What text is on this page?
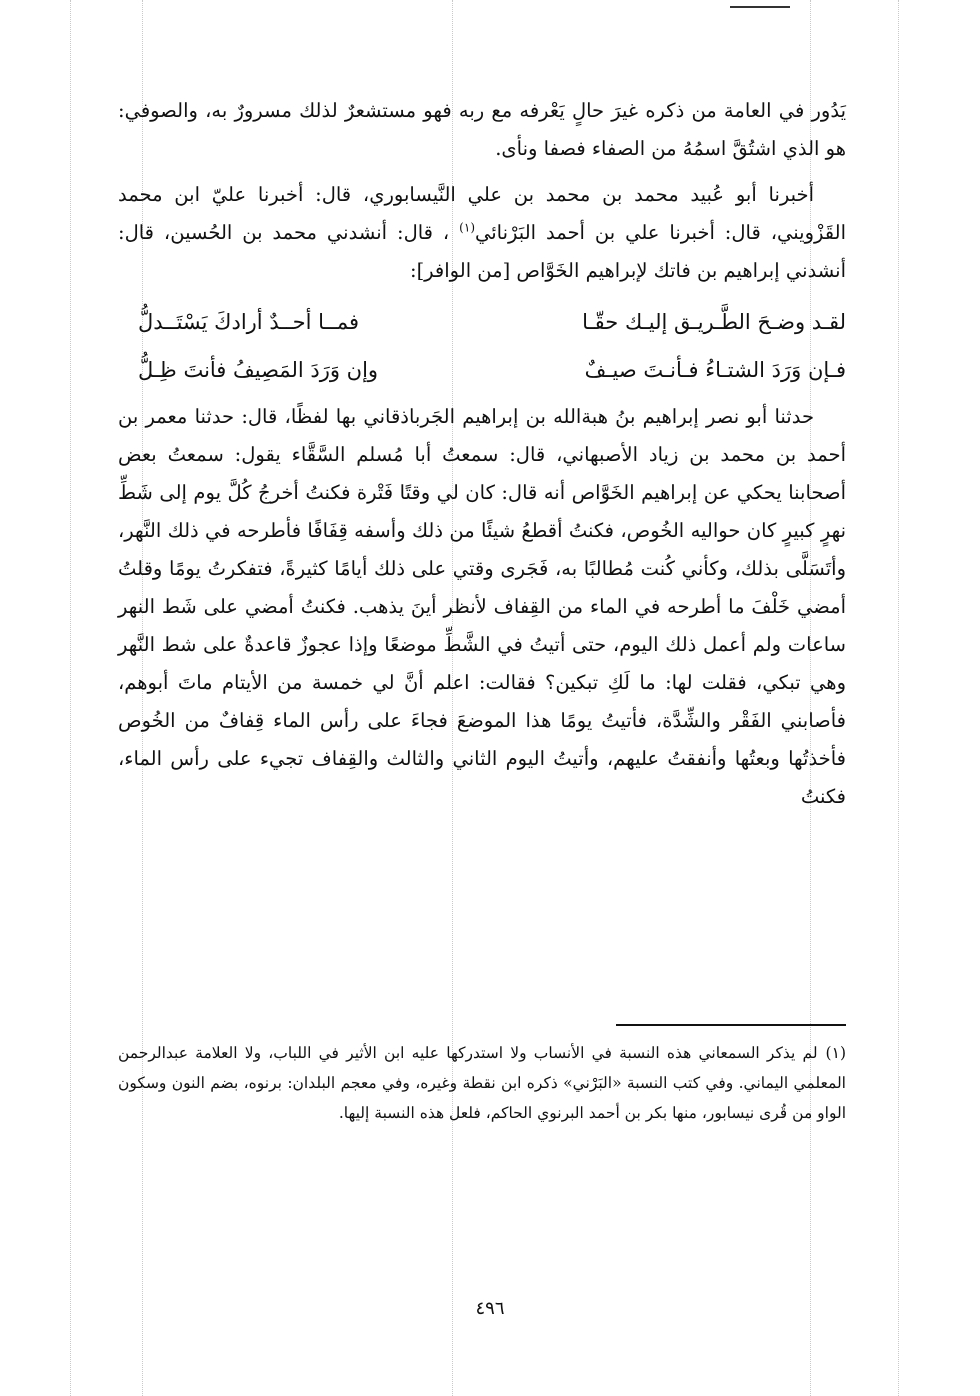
يَدُور في العامة من ذكره غيرَ حالٍ يَعْرفه مع ربه فهو مستشعرٌ لذلك مسرورٌ به، والصوفي: هو الذي اشتُقَّ اسمُهُ من الصفاء فصفا ونأى.

أخبرنا أبو عُبيد محمد بن محمد بن علي النَّيسابوري، قال: أخبرنا عليّ ابن محمد القَزْويني، قال: أخبرنا علي بن أحمد البَرْنائي$^{(١)}$ ، قال: أنشدني محمد بن الحُسين، قال: أنشدني إبراهيم بن فاتك لإبراهيم الخَوَّاص [من الوافر]:

لقـد وضـحَ الطَّـريـق إليـك حقّـا
فمــا أحــدٌ أرادكَ يَسْتَــدلُّ
فـإن وَرَدَ الشتـاءُ فـأنـتَ صيـفٌ
وإن وَرَدَ المَصِيفُ فأنتَ ظِـلُّ

حدثنا أبو نصر إبراهيم بنُ هبةالله بن إبراهيم الجَرباذقاني بها لفظًا، قال: حدثنا معمر بن أحمد بن محمد بن زياد الأصبهاني، قال: سمعتُ أبا مُسلم السَّقَّاء يقول: سمعتُ بعض أصحابنا يحكي عن إبراهيم الخَوَّاص أنه قال: كان لي وقتًا فَتْرة فكنتُ أخرجُ كُلَّ يوم إلى شَطِّ نهرٍ كبيرٍ كان حواليه الخُوص، فكنتُ أقطعُ شيئًا من ذلك وأسفه قِفَافًا فأطرحه في ذلك النَّهر، وأتَسَلَّى بذلك، وكأني كُنت مُطالبًا به، فَجَرى وقتي على ذلك أيامًا كثيرةً، فتفكرتُ يومًا وقلتُ أمضي خَلْفَ ما أطرحه في الماء من القِفاف لأنظر أينَ يذهب. فكنتُ أمضي على شَط النهر ساعات ولم أعمل ذلك اليوم، حتى أتيتُ في الشَّطِّ موضعًا وإذا عجوزٌ قاعدةٌ على شط النَّهر وهي تبكي، فقلت لها: ما لَكِ تبكين؟ فقالت: اعلم أنَّ لي خمسة من الأيتام ماتَ أبوهم، فأصابني الفَقْر والشِّدَّة، فأتيتُ يومًا هذا الموضعَ فجاءَ على رأس الماء قِفافٌ من الخُوص فأخذتُها وبعتُها وأنفقتُ عليهم، وأتيتُ اليوم الثاني والثالث والقِفاف تجيء على رأس الماء، فكنتُ

(١)لم يذكر السمعاني هذه النسبة في الأنساب ولا استدركها عليه ابن الأثير في اللباب، ولا العلامة عبدالرحمن المعلمي اليماني. وفي كتب النسبة «البَرْني» ذكره ابن نقطة وغيره، وفي معجم البلدان: برنوه، بضم النون وسكون الواو من قُرى نيسابور، منها بكر بن أحمد البرنوي الحاكم، فلعل هذه النسبة إليها.
٤٩٦
